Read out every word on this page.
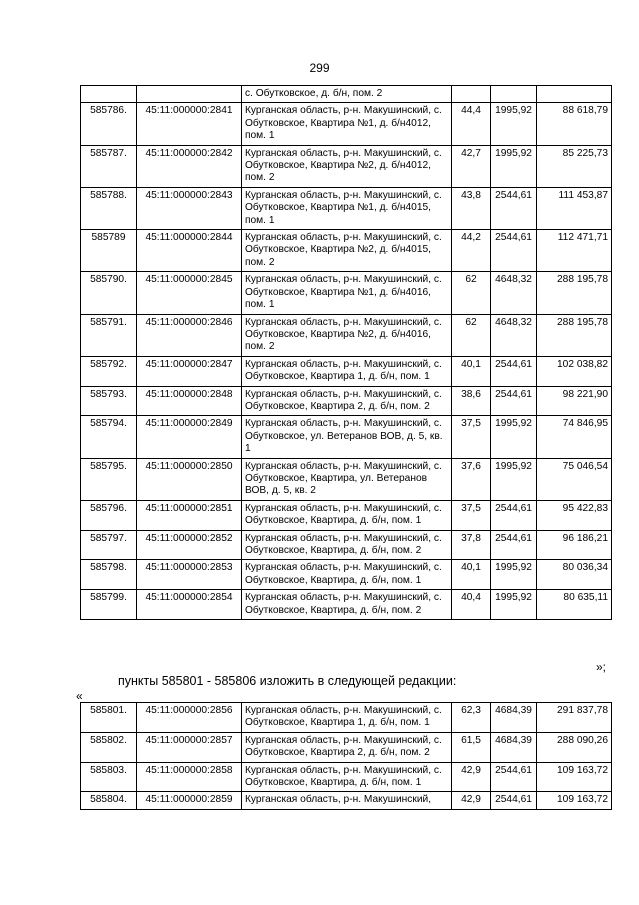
299
		с. Обутковское, д. б/н, пом. 2			
585786.	45:11:000000:2841	Курганская область, р-н. Макушинский, с. Обутковское, Квартира №1, д. б/н4012, пом. 1	44,4	1995,92	88 618,79
585787.	45:11:000000:2842	Курганская область, р-н. Макушинский, с. Обутковское, Квартира №2, д. б/н4012, пом. 2	42,7	1995,92	85 225,73
585788.	45:11:000000:2843	Курганская область, р-н. Макушинский, с. Обутковское, Квартира №1, д. б/н4015, пом. 1	43,8	2544,61	111 453,87
585789	45:11:000000:2844	Курганская область, р-н. Макушинский, с. Обутковское, Квартира №2, д. б/н4015, пом. 2	44,2	2544,61	112 471,71
585790.	45:11:000000:2845	Курганская область, р-н. Макушинский, с. Обутковское, Квартира №1, д. б/н4016, пом. 1	62	4648,32	288 195,78
585791.	45:11:000000:2846	Курганская область, р-н. Макушинский, с. Обутковское, Квартира №2, д. б/н4016, пом. 2	62	4648,32	288 195,78
585792.	45:11:000000:2847	Курганская область, р-н. Макушинский, с. Обутковское, Квартира 1, д. б/н, пом. 1	40,1	2544,61	102 038,82
585793.	45:11:000000:2848	Курганская область, р-н. Макушинский, с. Обутковское, Квартира 2, д. б/н, пом. 2	38,6	2544,61	98 221,90
585794.	45:11:000000:2849	Курганская область, р-н. Макушинский, с. Обутковское, ул. Ветеранов ВОВ, д. 5, кв. 1	37,5	1995,92	74 846,95
585795.	45:11:000000:2850	Курганская область, р-н. Макушинский, с. Обутковское, Квартира, ул. Ветеранов ВОВ, д. 5, кв. 2	37,6	1995,92	75 046,54
585796.	45:11:000000:2851	Курганская область, р-н. Макушинский, с. Обутковское, Квартира, д. б/н, пом. 1	37,5	2544,61	95 422,83
585797.	45:11:000000:2852	Курганская область, р-н. Макушинский, с. Обутковское, Квартира, д. б/н, пом. 2	37,8	2544,61	96 186,21
585798.	45:11:000000:2853	Курганская область, р-н. Макушинский, с. Обутковское, Квартира, д. б/н, пом. 1	40,1	1995,92	80 036,34
585799.	45:11:000000:2854	Курганская область, р-н. Макушинский, с. Обутковское, Квартира, д. б/н, пом. 2	40,4	1995,92	80 635,11
»;
пункты 585801 - 585806 изложить в следующей редакции:
«
585801.	45:11:000000:2856	Курганская область, р-н. Макушинский, с. Обутковское, Квартира 1, д. б/н, пом. 1	62,3	4684,39	291 837,78
585802.	45:11:000000:2857	Курганская область, р-н. Макушинский, с. Обутковское, Квартира 2, д. б/н, пом. 2	61,5	4684,39	288 090,26
585803.	45:11:000000:2858	Курганская область, р-н. Макушинский, с. Обутковское, Квартира, д. б/н, пом. 1	42,9	2544,61	109 163,72
585804.	45:11:000000:2859	Курганская область, р-н. Макушинский,	42,9	2544,61	109 163,72
